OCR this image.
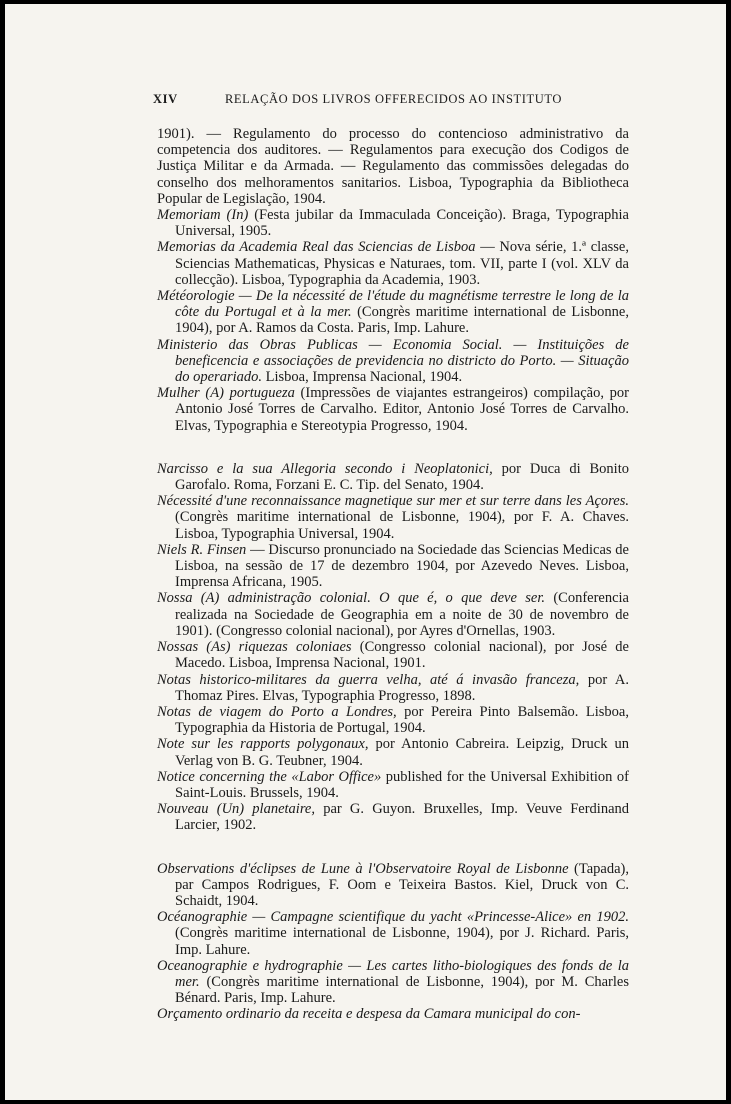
XIV	RELAÇÃO DOS LIVROS OFFERECIDOS AO INSTITUTO

1901). — Regulamento do processo do contencioso administrativo da competencia dos auditores. — Regulamentos para execução dos Codigos de Justiça Militar e da Armada. — Regulamento das commissões delegadas do conselho dos melhoramentos sanitarios. Lisboa, Typographia da Bibliotheca Popular de Legislação, 1904.

Memoriam (In) (Festa jubilar da Immaculada Conceição). Braga, Typographia Universal, 1905.

Memorias da Academia Real das Sciencias de Lisboa — Nova série, 1.ª classe, Sciencias Mathematicas, Physicas e Naturaes, tom. VII, parte I (vol. XLV da collecção). Lisboa, Typographia da Academia, 1903.

Météorologie — De la nécessité de l'étude du magnétisme terrestre le long de la côte du Portugal et à la mer. (Congrès maritime international de Lisbonne, 1904), por A. Ramos da Costa. Paris, Imp. Lahure.

Ministerio das Obras Publicas — Economia Social. — Instituições de beneficencia e associações de previdencia no districto do Porto. — Situação do operariado. Lisboa, Imprensa Nacional, 1904.

Mulher (A) portugueza (Impressões de viajantes estrangeiros) compilação, por Antonio José Torres de Carvalho. Editor, Antonio José Torres de Carvalho. Elvas, Typographia e Stereotypia Progresso, 1904.

Narcisso e la sua Allegoria secondo i Neoplatonici, por Duca di Bonito Garofalo. Roma, Forzani E. C. Tip. del Senato, 1904.

Nécessité d'une reconnaissance magnetique sur mer et sur terre dans les Açores. (Congrès maritime international de Lisbonne, 1904), por F. A. Chaves. Lisboa, Typographia Universal, 1904.

Niels R. Finsen — Discurso pronunciado na Sociedade das Sciencias Medicas de Lisboa, na sessão de 17 de dezembro 1904, por Azevedo Neves. Lisboa, Imprensa Africana, 1905.

Nossa (A) administração colonial. O que é, o que deve ser. (Conferencia realizada na Sociedade de Geographia em a noite de 30 de novembro de 1901). (Congresso colonial nacional), por Ayres d'Ornellas, 1903.

Nossas (As) riquezas coloniaes (Congresso colonial nacional), por José de Macedo. Lisboa, Imprensa Nacional, 1901.

Notas historico-militares da guerra velha, até á invasão franceza, por A. Thomaz Pires. Elvas, Typographia Progresso, 1898.

Notas de viagem do Porto a Londres, por Pereira Pinto Balsemão. Lisboa, Typographia da Historia de Portugal, 1904.

Note sur les rapports polygonaux, por Antonio Cabreira. Leipzig, Druck un Verlag von B. G. Teubner, 1904.

Notice concerning the «Labor Office» published for the Universal Exhibition of Saint-Louis. Brussels, 1904.

Nouveau (Un) planetaire, par G. Guyon. Bruxelles, Imp. Veuve Ferdinand Larcier, 1902.

Observations d'éclipses de Lune à l'Observatoire Royal de Lisbonne (Tapada), par Campos Rodrigues, F. Oom e Teixeira Bastos. Kiel, Druck von C. Schaidt, 1904.

Océanographie — Campagne scientifique du yacht «Princesse-Alice» en 1902. (Congrès maritime international de Lisbonne, 1904), por J. Richard. Paris, Imp. Lahure.

Oceanographie e hydrographie — Les cartes litho-biologiques des fonds de la mer. (Congrès maritime international de Lisbonne, 1904), por M. Charles Bénard. Paris, Imp. Lahure.

Orçamento ordinario da receita e despesa da Camara municipal do con-
